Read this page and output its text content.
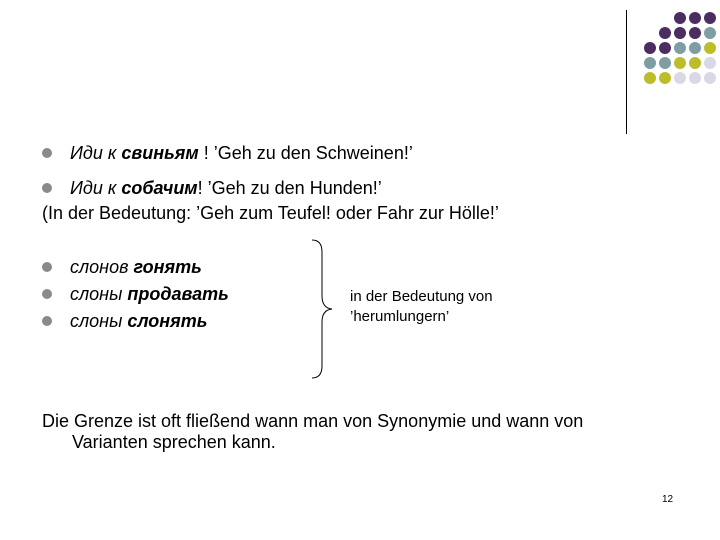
Иди к свиньям ! ’Geh zu den Schweinen!’
Иди к собачим! ’Geh zu den Hunden!’
(In der Bedeutung: ’Geh zum Teufel! oder Fahr zur Hölle!’
слонов гонять
слоны продавать
слоны слонять
in der Bedeutung von
’herumlungern’
Die Grenze ist oft fließend wann man von Synonymie und wann von
Varianten sprechen kann.
12
